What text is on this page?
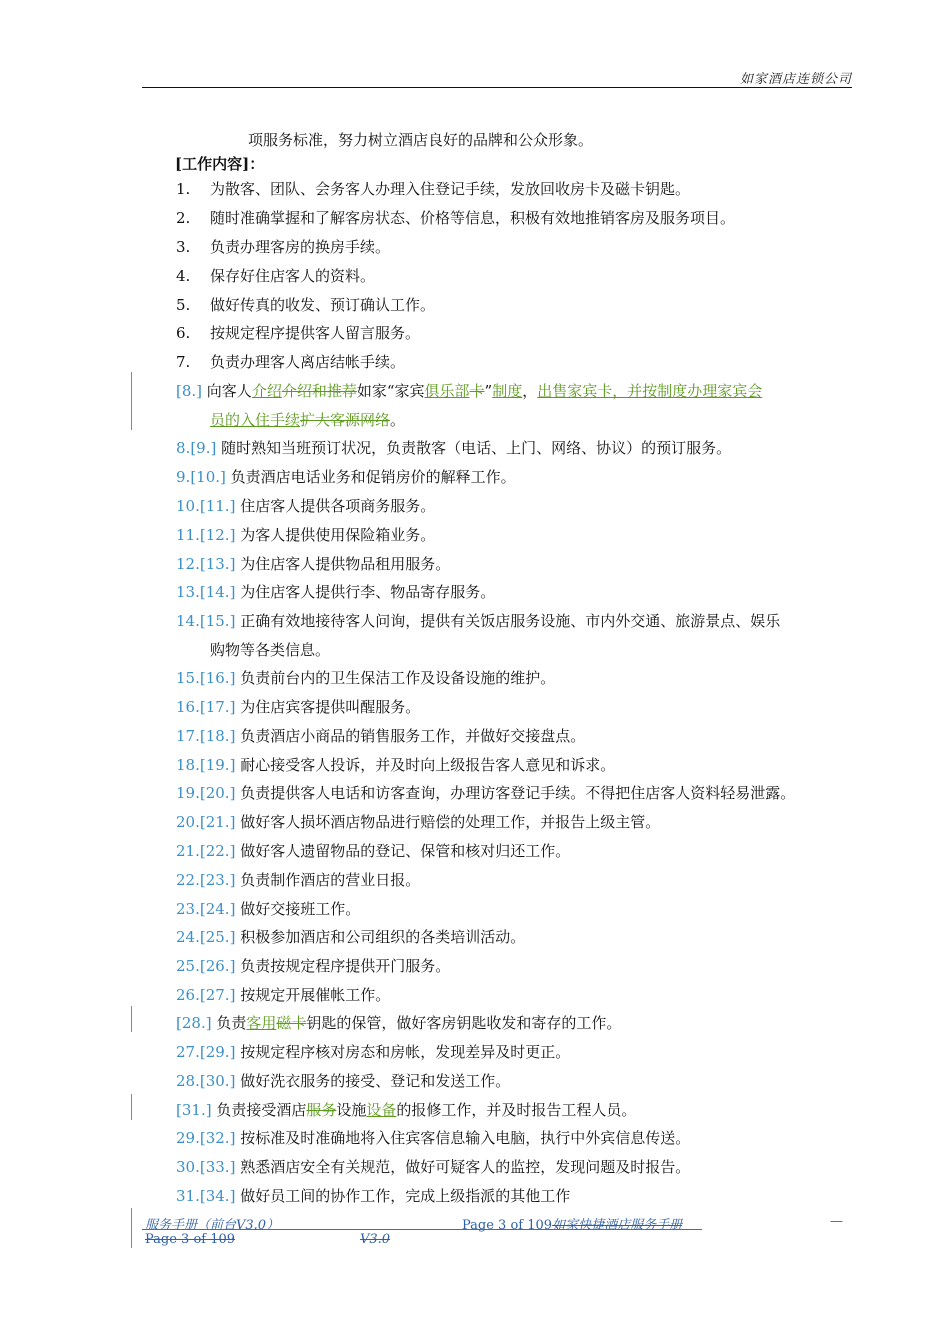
如家酒店连锁公司
项服务标准，努力树立酒店良好的品牌和公众形象。
[工作内容]：
1. 为散客、团队、会务客人办理入住登记手续，发放回收房卡及磁卡钥匙。
2. 随时准确掌握和了解客房状态、价格等信息，积极有效地推销客房及服务项目。
3. 负责办理客房的换房手续。
4. 保存好住店客人的资料。
5. 做好传真的收发、预订确认工作。
6. 按规定程序提供客人留言服务。
7. 负责办理客人离店结帐手续。
[8.] 向客人介绍介绍和推荐如家“家宾俱乐部卡”制度，出售家宾卡，并按制度办理家宾会
员的入住手续扩大客源网络。
8.[9.] 随时熟知当班预订状况，负责散客（电话、上门、网络、协议）的预订服务。
9.[10.] 负责酒店电话业务和促销房价的解释工作。
10.[11.] 住店客人提供各项商务服务。
11.[12.] 为客人提供使用保险箱业务。
12.[13.] 为住店客人提供物品租用服务。
13.[14.] 为住店客人提供行李、物品寄存服务。
14.[15.] 正确有效地接待客人问询，提供有关饭店服务设施、市内外交通、旅游景点、娱乐
购物等各类信息。
15.[16.] 负责前台内的卫生保洁工作及设备设施的维护。
16.[17.] 为住店宾客提供叫醒服务。
17.[18.] 负责酒店小商品的销售服务工作，并做好交接盘点。
18.[19.] 耐心接受客人投诉，并及时向上级报告客人意见和诉求。
19.[20.] 负责提供客人电话和访客查询，办理访客登记手续。不得把住店客人资料轻易泄露。
20.[21.] 做好客人损坏酒店物品进行赔偿的处理工作，并报告上级主管。
21.[22.] 做好客人遗留物品的登记、保管和核对归还工作。
22.[23.] 负责制作酒店的营业日报。
23.[24.] 做好交接班工作。
24.[25.] 积极参加酒店和公司组织的各类培训活动。
25.[26.] 负责按规定程序提供开门服务。
26.[27.] 按规定开展催帐工作。
[28.] 负责客用磁卡钥匙的保管，做好客房钥匙收发和寄存的工作。
27.[29.] 按规定程序核对房态和房帐，发现差异及时更正。
28.[30.] 做好洗衣服务的接受、登记和发送工作。
[31.] 负责接受酒店服务设施设备的报修工作，并及时报告工程人员。
29.[32.] 按标准及时准确地将入住宾客信息输入电脑，执行中外宾信息传送。
30.[33.] 熟悉酒店安全有关规范，做好可疑客人的监控，发现问题及时报告。
31.[34.] 做好员工间的协作工作，完成上级指派的其他工作
服务手册（前台V3.0）	Page 3 of 109如家快捷酒店服务手册	—
Page 3 of 109	V3.0
